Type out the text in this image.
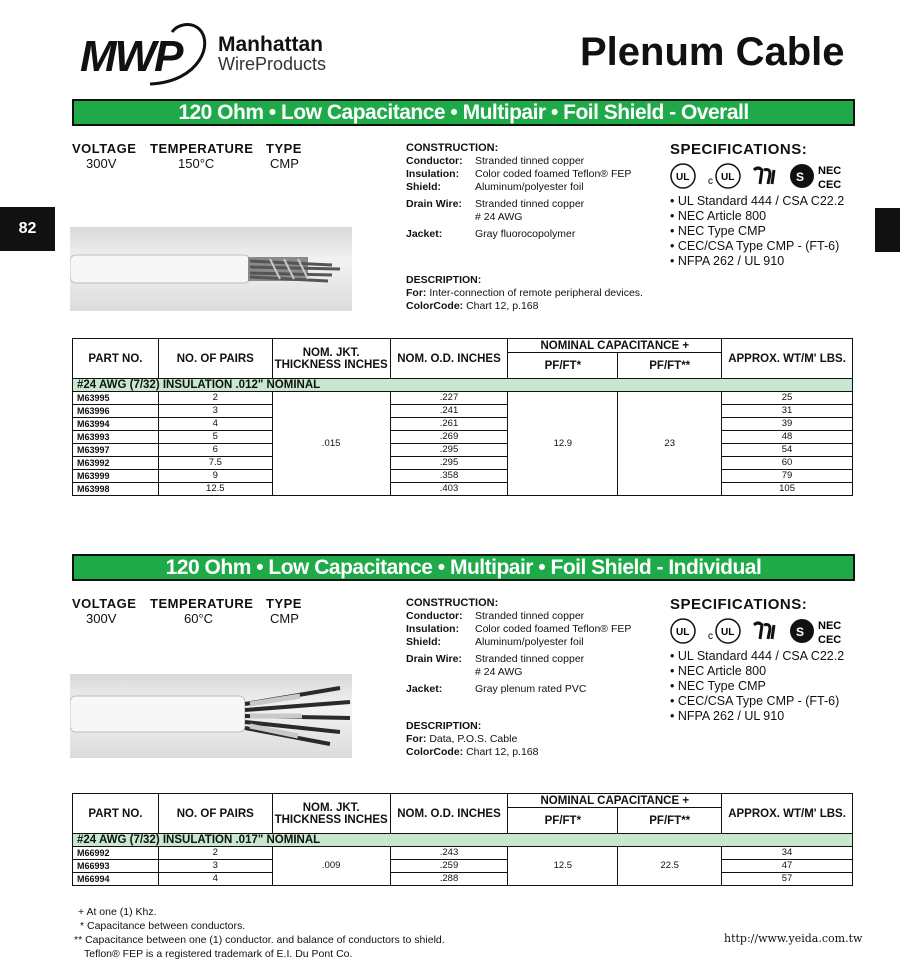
MWP Manhattan
WireProducts	Plenum Cable
82
120 Ohm • Low Capacitance • Multipair • Foil Shield - Overall
VOLTAGE TEMPERATURE TYPE
300V	150°C	CMP
CONSTRUCTION:
Conductor: Stranded tinned copper
Insulation: Color coded foamed Teflon® FEP
Shield:	Aluminum/polyester foil
Drain Wire: Stranded tinned copper
# 24 AWG
Jacket:	Gray fluorocopolymer
DESCRIPTION:
For: Inter-connection of remote peripheral devices.
ColorCode: Chart 12, p.168
SPECIFICATIONS:
UL c UL	S NEC
CEC
• UL Standard 444 / CSA C22.2
• NEC Article 800
• NEC Type CMP
• CEC/CSA Type CMP - (FT-6)
• NFPA 262 / UL 910
PART NO.	NO. OF PAIRS	NOM. JKT. THICKNESS INCHES	NOM. O.D. INCHES	NOMINAL CAPACITANCE +		APPROX. WT/M' LBS.
				PF/FT*	PF/FT**	
#24 AWG (7/32) INSULATION .012" NOMINAL						
M63995	2	.015	.227	12.9	23	25
M63996	3		.241			31
M63994	4		.261			39
M63993	5		.269			48
M63997	6		.295			54
M63992	7.5		.295			60
M63999	9		.358			79
M63998	12.5		.403			105
120 Ohm • Low Capacitance • Multipair • Foil Shield - Individual
VOLTAGE TEMPERATURE TYPE
300V	60°C	CMP
CONSTRUCTION:
Conductor: Stranded tinned copper
Insulation: Color coded foamed Teflon® FEP
Shield:	Aluminum/polyester foil
Drain Wire: Stranded tinned copper
# 24 AWG
Jacket:	Gray plenum rated PVC
DESCRIPTION:
For: Data, P.O.S. Cable
ColorCode: Chart 12, p.168
SPECIFICATIONS:
UL c UL	S NEC
CEC
• UL Standard 444 / CSA C22.2
• NEC Article 800
• NEC Type CMP
• CEC/CSA Type CMP - (FT-6)
• NFPA 262 / UL 910
PART NO.	NO. OF PAIRS	NOM. JKT. THICKNESS INCHES	NOM. O.D. INCHES	NOMINAL CAPACITANCE +		APPROX. WT/M' LBS.
				PF/FT*	PF/FT**	
#24 AWG (7/32) INSULATION .017" NOMINAL						
M66992	2	.009	.243	12.5	22.5	34
M66993	3		.259			47
M66994	4		.288			57
+ At one (1) Khz.
* Capacitance between conductors.
** Capacitance between one (1) conductor. and balance of conductors to shield.
Teflon® FEP is a registered trademark of E.I. Du Pont Co.
http://www.yeida.com.tw
